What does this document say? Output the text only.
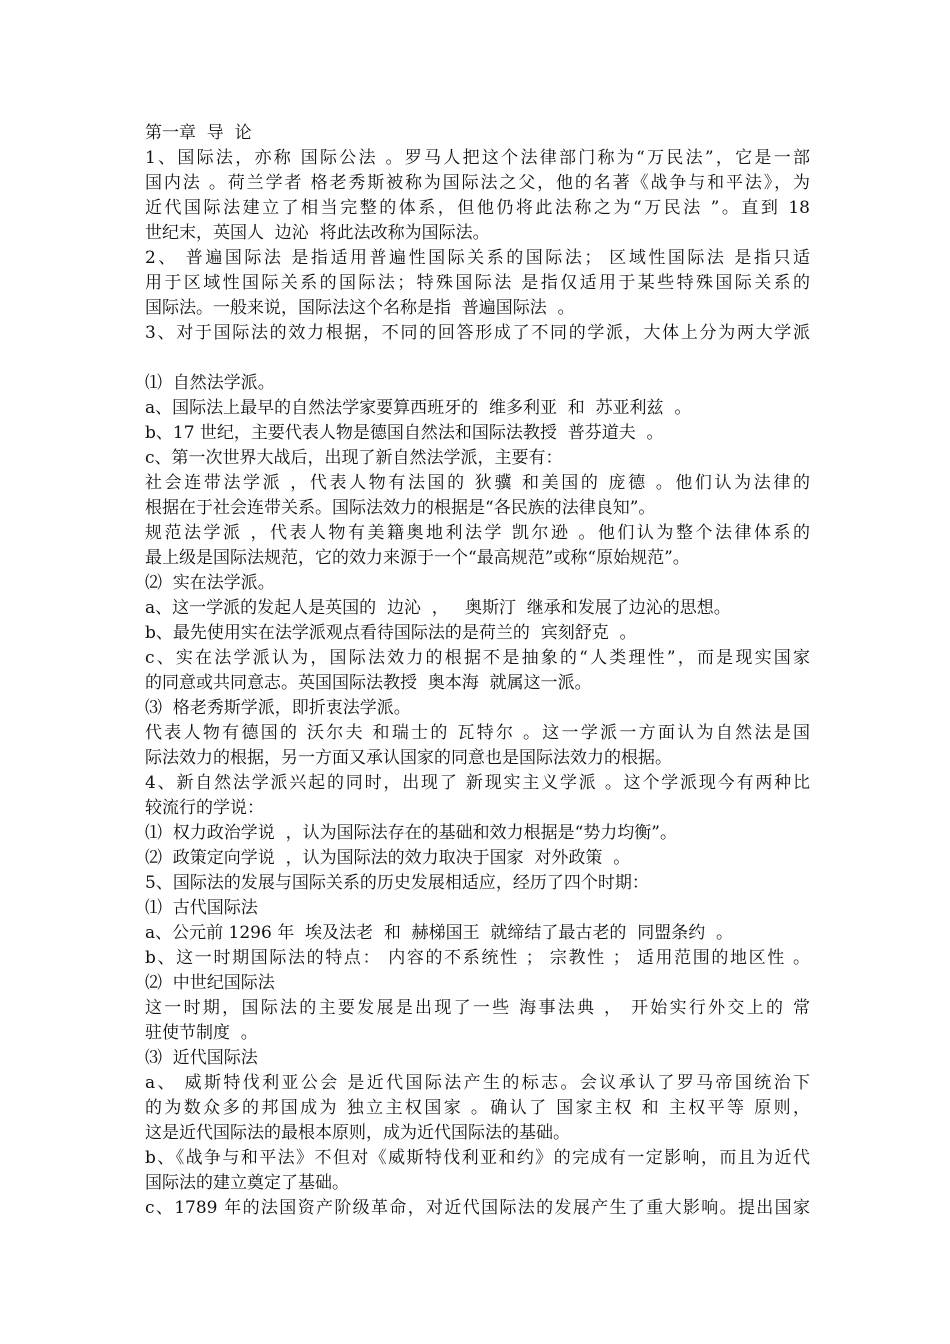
第一章  导  论
1、国际法，亦称 国际公法 。罗马人把这个法律部门称为“万民法”，它是一部
国内法 。荷兰学者 格老秀斯被称为国际法之父，他的名著《战争与和平法》，为
近代国际法建立了相当完整的体系，但他仍将此法称之为“万民法 ”。直到 18
世纪末，英国人  边沁  将此法改称为国际法。
2、 普遍国际法 是指适用普遍性国际关系的国际法； 区域性国际法 是指只适
用于区域性国际关系的国际法；特殊国际法 是指仅适用于某些特殊国际关系的
国际法。一般来说，国际法这个名称是指  普遍国际法  。
3、对于国际法的效力根据，不同的回答形成了不同的学派，大体上分为两大学派
⑴  自然法学派。
a、国际法上最早的自然法学家要算西班牙的  维多利亚  和  苏亚利兹  。
b、17 世纪，主要代表人物是德国自然法和国际法教授  普芬道夫  。
c、第一次世界大战后，出现了新自然法学派，主要有：
社会连带法学派 ，代表人物有法国的 狄骥 和美国的 庞德 。他们认为法律的
根据在于社会连带关系。国际法效力的根据是“各民族的法律良知”。
规范法学派 ，代表人物有美籍奥地利法学 凯尔逊 。他们认为整个法律体系的
最上级是国际法规范，它的效力来源于一个“最高规范”或称“原始规范”。
⑵  实在法学派。
a、这一学派的发起人是英国的  边沁  ，   奥斯汀  继承和发展了边沁的思想。
b、最先使用实在法学派观点看待国际法的是荷兰的  宾刻舒克  。
c、实在法学派认为，国际法效力的根据不是抽象的“人类理性”，而是现实国家
的同意或共同意志。英国国际法教授  奥本海  就属这一派。
⑶  格老秀斯学派，即折衷法学派。
代表人物有德国的 沃尔夫 和瑞士的 瓦特尔 。这一学派一方面认为自然法是国
际法效力的根据，另一方面又承认国家的同意也是国际法效力的根据。
4、新自然法学派兴起的同时，出现了 新现实主义学派 。这个学派现今有两种比
较流行的学说：
⑴  权力政治学说  ，认为国际法存在的基础和效力根据是“势力均衡”。
⑵  政策定向学说  ，认为国际法的效力取决于国家  对外政策  。
5、国际法的发展与国际关系的历史发展相适应，经历了四个时期：
⑴  古代国际法
a、公元前 1296 年  埃及法老  和  赫梯国王  就缔结了最古老的  同盟条约  。
b、这一时期国际法的特点： 内容的不系统性 ； 宗教性 ； 适用范围的地区性 。
⑵  中世纪国际法
这一时期，国际法的主要发展是出现了一些 海事法典 ， 开始实行外交上的 常
驻使节制度  。
⑶  近代国际法
a、 威斯特伐利亚公会 是近代国际法产生的标志。会议承认了罗马帝国统治下
的为数众多的邦国成为 独立主权国家 。确认了 国家主权 和 主权平等 原则，
这是近代国际法的最根本原则，成为近代国际法的基础。
b、《战争与和平法》不但对《威斯特伐利亚和约》的完成有一定影响，而且为近代
国际法的建立奠定了基础。
c、1789 年的法国资产阶级革命，对近代国际法的发展产生了重大影响。提出国家
